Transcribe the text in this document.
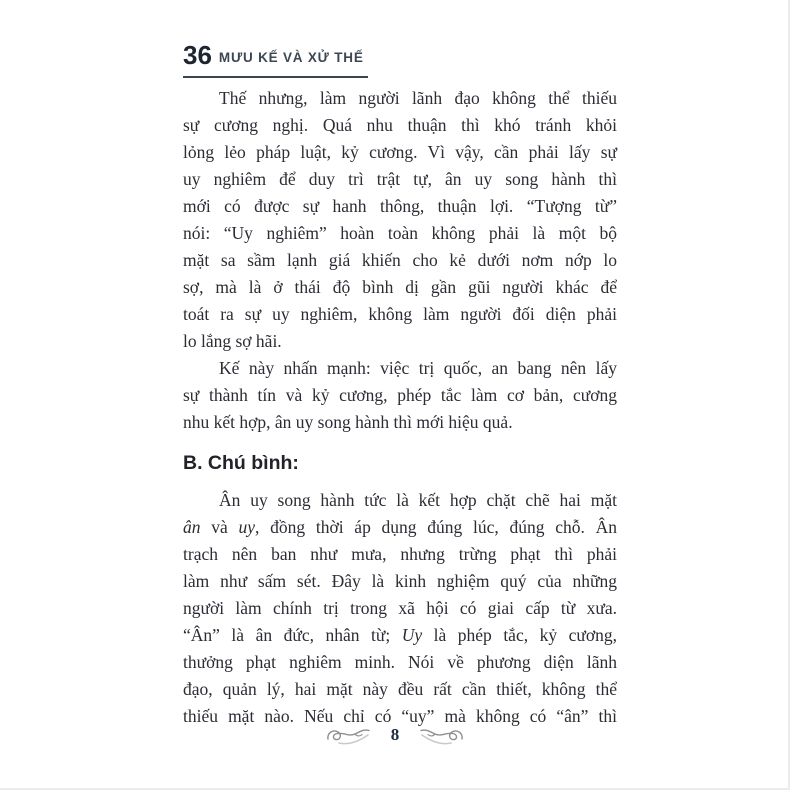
36 MƯU KẾ VÀ XỬ THẾ
Thế nhưng, làm người lãnh đạo không thể thiếu
sự cương nghị. Quá nhu thuận thì khó tránh khỏi
lỏng lẻo pháp luật, kỷ cương. Vì vậy, cần phải lấy sự
uy nghiêm để duy trì trật tự, ân uy song hành thì
mới có được sự hanh thông, thuận lợi. “Tượng từ”
nói: “Uy nghiêm” hoàn toàn không phải là một bộ
mặt sa sầm lạnh giá khiến cho kẻ dưới nơm nớp lo
sợ, mà là ở thái độ bình dị gần gũi người khác để
toát ra sự uy nghiêm, không làm người đối diện phải
lo lắng sợ hãi.
Kế này nhấn mạnh: việc trị quốc, an bang nên lấy
sự thành tín và kỷ cương, phép tắc làm cơ bản, cương
nhu kết hợp, ân uy song hành thì mới hiệu quả.
B. Chú bình:
Ân uy song hành tức là kết hợp chặt chẽ hai mặt
ân và uy, đồng thời áp dụng đúng lúc, đúng chỗ. Ân
trạch nên ban như mưa, nhưng trừng phạt thì phải
làm như sấm sét. Đây là kinh nghiệm quý của những
người làm chính trị trong xã hội có giai cấp từ xưa.
“Ân” là ân đức, nhân từ; Uy là phép tắc, kỷ cương,
thưởng phạt nghiêm minh. Nói về phương diện lãnh
đạo, quản lý, hai mặt này đều rất cần thiết, không thể
thiếu mặt nào. Nếu chỉ có “uy” mà không có “ân” thì
8
